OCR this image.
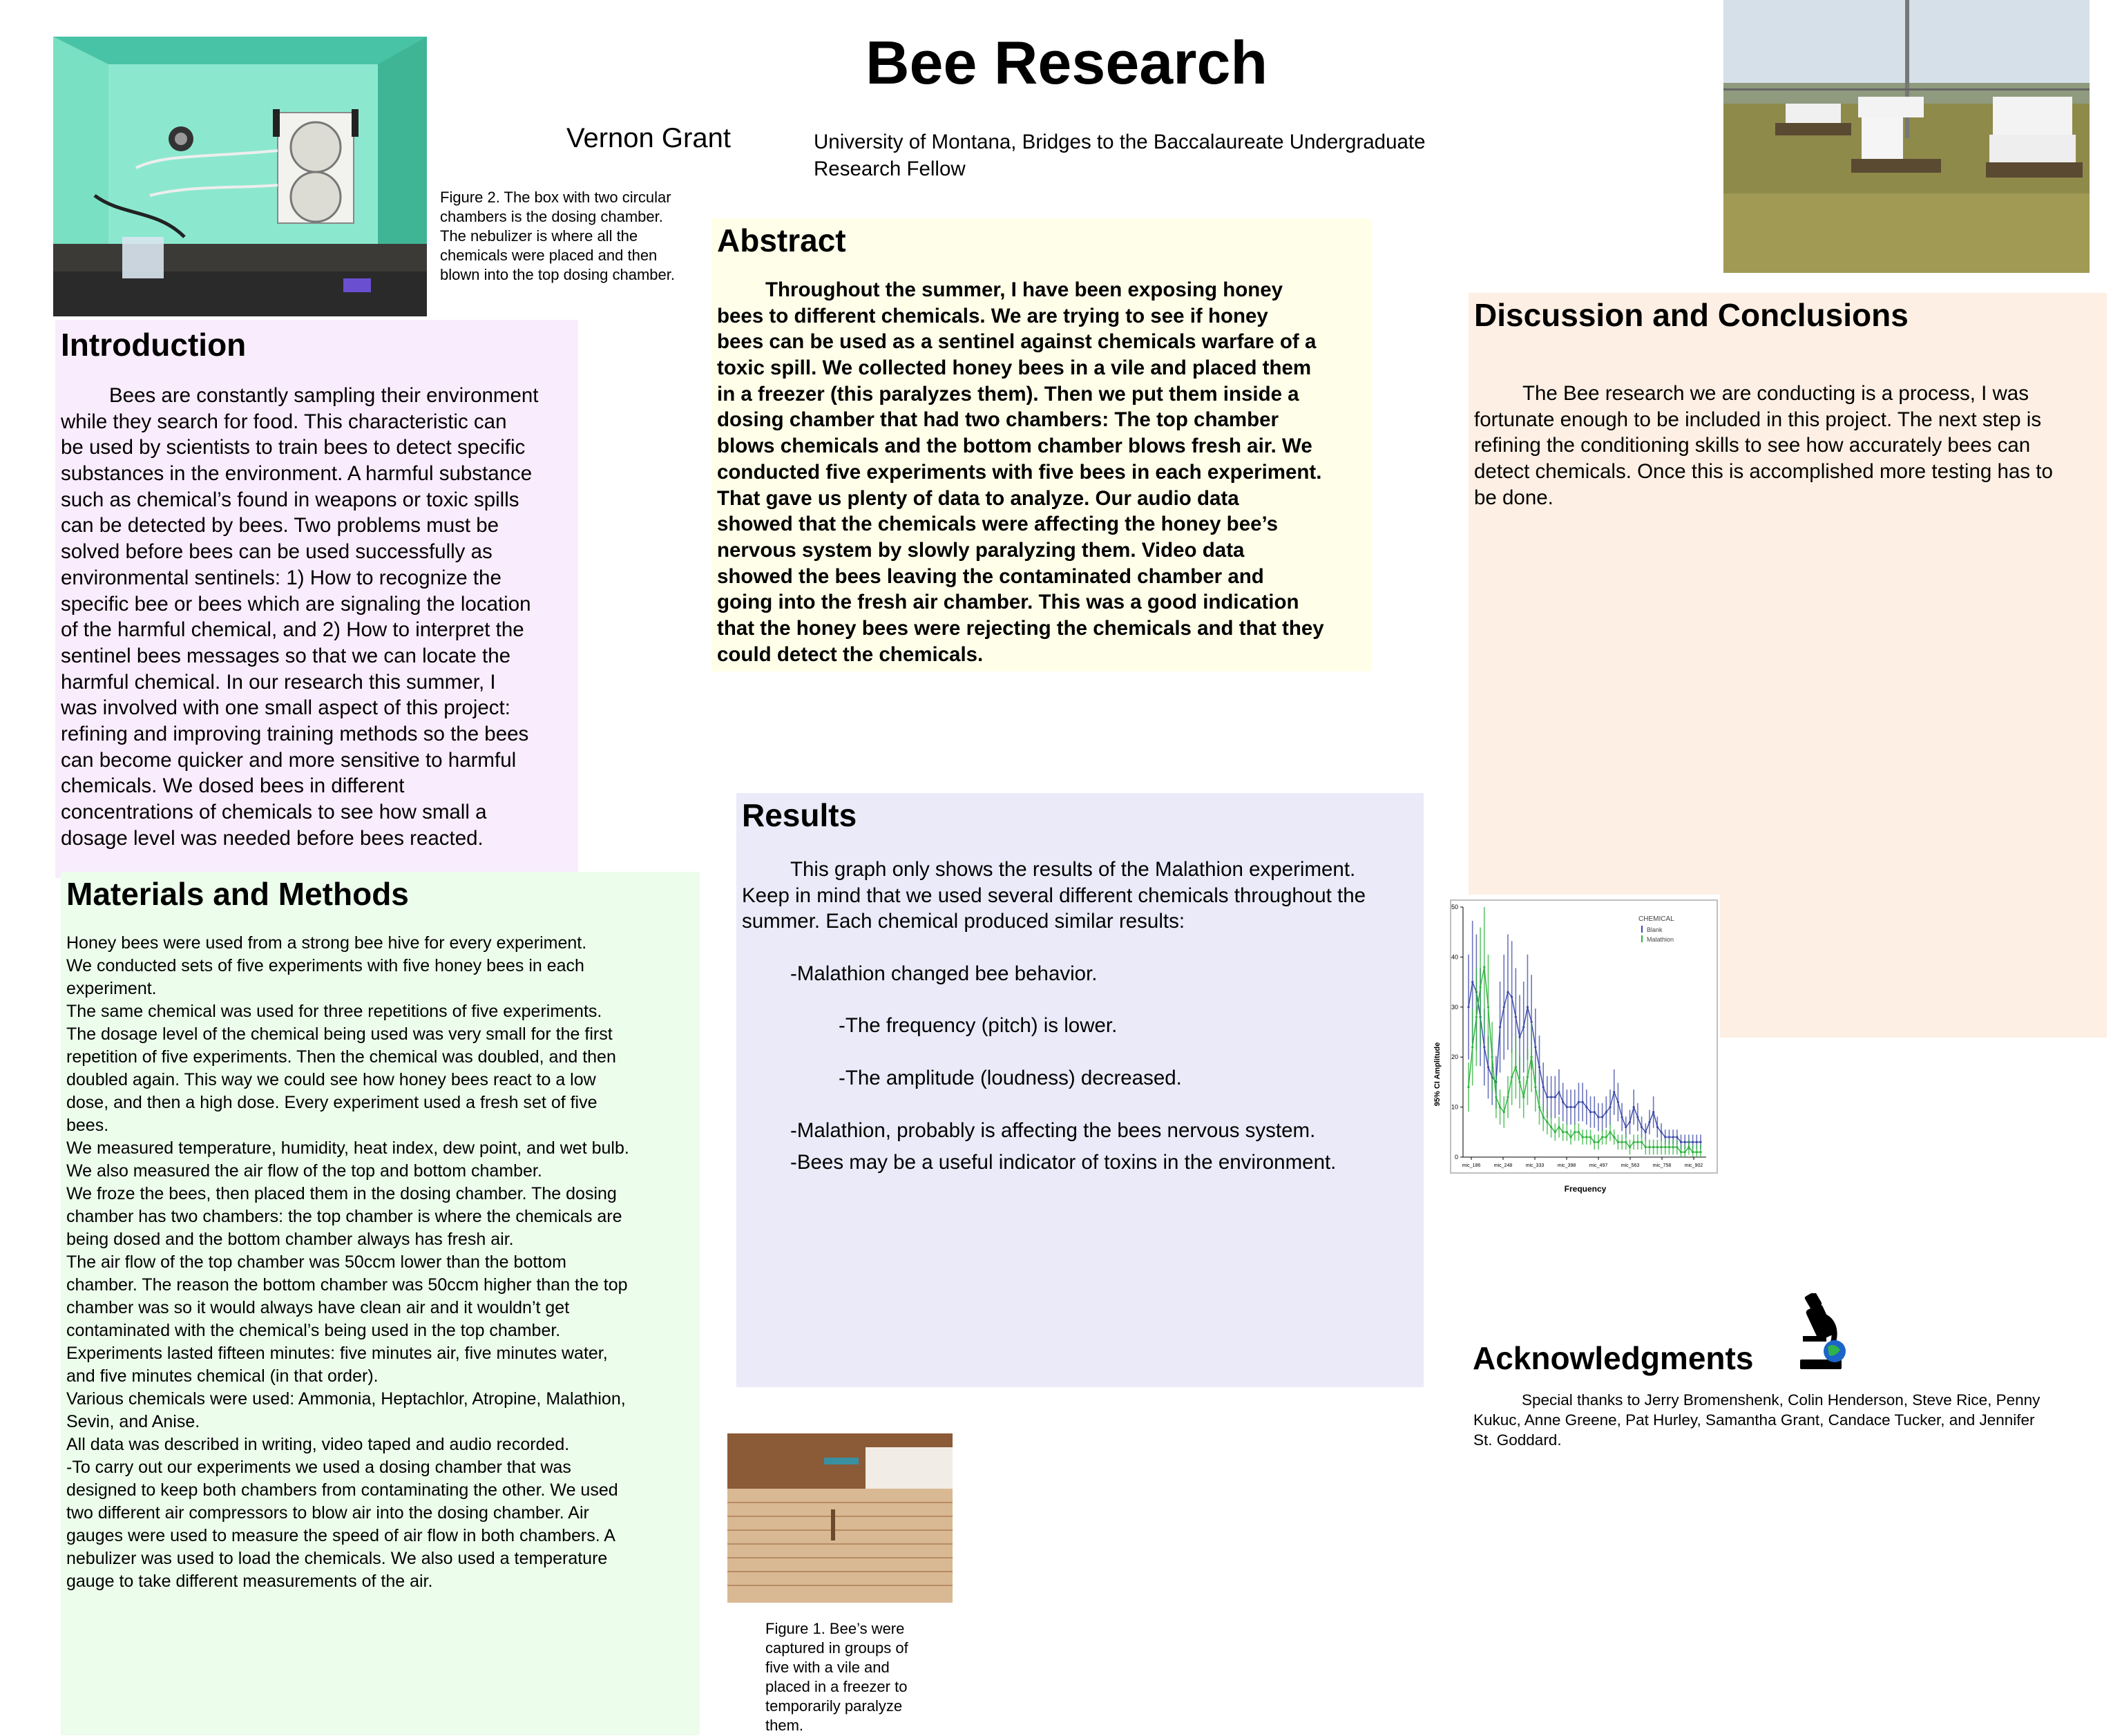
Bee Research
Vernon Grant	University of Montana, Bridges to the Baccalaureate Undergraduate
Research Fellow
Figure 2. The box with two circular
chambers is the dosing chamber.
The nebulizer is where all the
chemicals were placed and then
blown into the top dosing chamber.
Introduction
Bees are constantly sampling their environment
while they search for food. This characteristic can
be used by scientists to train bees to detect specific
substances in the environment. A harmful substance
such as chemical’s found in weapons or toxic spills
can be detected by bees. Two problems must be
solved before bees can be used successfully as
environmental sentinels: 1) How to recognize the
specific bee or bees which are signaling the location
of the harmful chemical, and 2) How to interpret the
sentinel bees messages so that we can locate the
harmful chemical. In our research this summer, I
was involved with one small aspect of this project:
refining and improving training methods so the bees
can become quicker and more sensitive to harmful
chemicals. We dosed bees in different
concentrations of chemicals to see how small a
dosage level was needed before bees reacted.
Abstract
Throughout the summer, I have been exposing honey
bees to different chemicals. We are trying to see if honey
bees can be used as a sentinel against chemicals warfare of a
toxic spill. We collected honey bees in a vile and placed them
in a freezer (this paralyzes them). Then we put them inside a
dosing chamber that had two chambers: The top chamber
blows chemicals and the bottom chamber blows fresh air. We
conducted five experiments with five bees in each experiment.
That gave us plenty of data to analyze. Our audio data
showed that the chemicals were affecting the honey bee’s
nervous system by slowly paralyzing them. Video data
showed the bees leaving the contaminated chamber and
going into the fresh air chamber. This was a good indication
that the honey bees were rejecting the chemicals and that they
could detect the chemicals.
Discussion and Conclusions
The Bee research we are conducting is a process, I was
fortunate enough to be included in this project. The next step is
refining the conditioning skills to see how accurately bees can
detect chemicals. Once this is accomplished more testing has to
be done.
Materials and Methods

Honey bees were used from a strong bee hive for every experiment.

We conducted sets of five experiments with five honey bees in each

experiment.

The same chemical was used for three repetitions of five experiments.

The dosage level of the chemical being used was very small for the first

repetition of five experiments. Then the chemical was doubled, and then

doubled again. This way we could see how honey bees react to a low

dose, and then a high dose. Every experiment used a fresh set of five

bees.

We measured temperature, humidity, heat index, dew point, and wet bulb.

We also measured the air flow of the top and bottom chamber.

We froze the bees, then placed them in the dosing chamber. The dosing

chamber has two chambers: the top chamber is where the chemicals are

being dosed and the bottom chamber always has fresh air.

The air flow of the top chamber was 50ccm lower than the bottom

chamber. The reason the bottom chamber was 50ccm higher than the top

chamber was so it would always have clean air and it wouldn’t get

contaminated with the chemical’s being used in the top chamber.

Experiments lasted fifteen minutes: five minutes air, five minutes water,

and five minutes chemical (in that order).

Various chemicals were used: Ammonia, Heptachlor, Atropine, Malathion,

Sevin, and Anise.

All data was described in writing, video taped and audio recorded.

-To carry out our experiments we used a dosing chamber that was

designed to keep both chambers from contaminating the other. We used

two different air compressors to blow air into the dosing chamber. Air

gauges were used to measure the speed of air flow in both chambers. A

nebulizer was used to load the chemicals. We also used a temperature

gauge to take different measurements of the air.

Results
This graph only shows the results of the Malathion experiment.
Keep in mind that we used several different chemicals throughout the
summer. Each chemical produced similar results:
-Malathion changed bee behavior.
-The frequency (pitch) is lower.
-The amplitude (loudness) decreased.
-Malathion, probably is affecting the bees nervous system.
-Bees may be a useful indicator of toxins in the environment.	0
10
20
30
40
50
mic_186	mic_248	mic_333	mic_398	mic_497	mic_563	mic_758	mic_902
Frequency
95% CI Amplitude
CHEMICAL
Blank
Malathion
Figure 1. Bee’s were
captured in groups of
five with a vile and
placed in a freezer to
temporarily paralyze
them.
Acknowledgments
Special thanks to Jerry Bromenshenk, Colin Henderson, Steve Rice, Penny
Kukuc, Anne Greene, Pat Hurley, Samantha Grant, Candace Tucker, and Jennifer
St. Goddard.
